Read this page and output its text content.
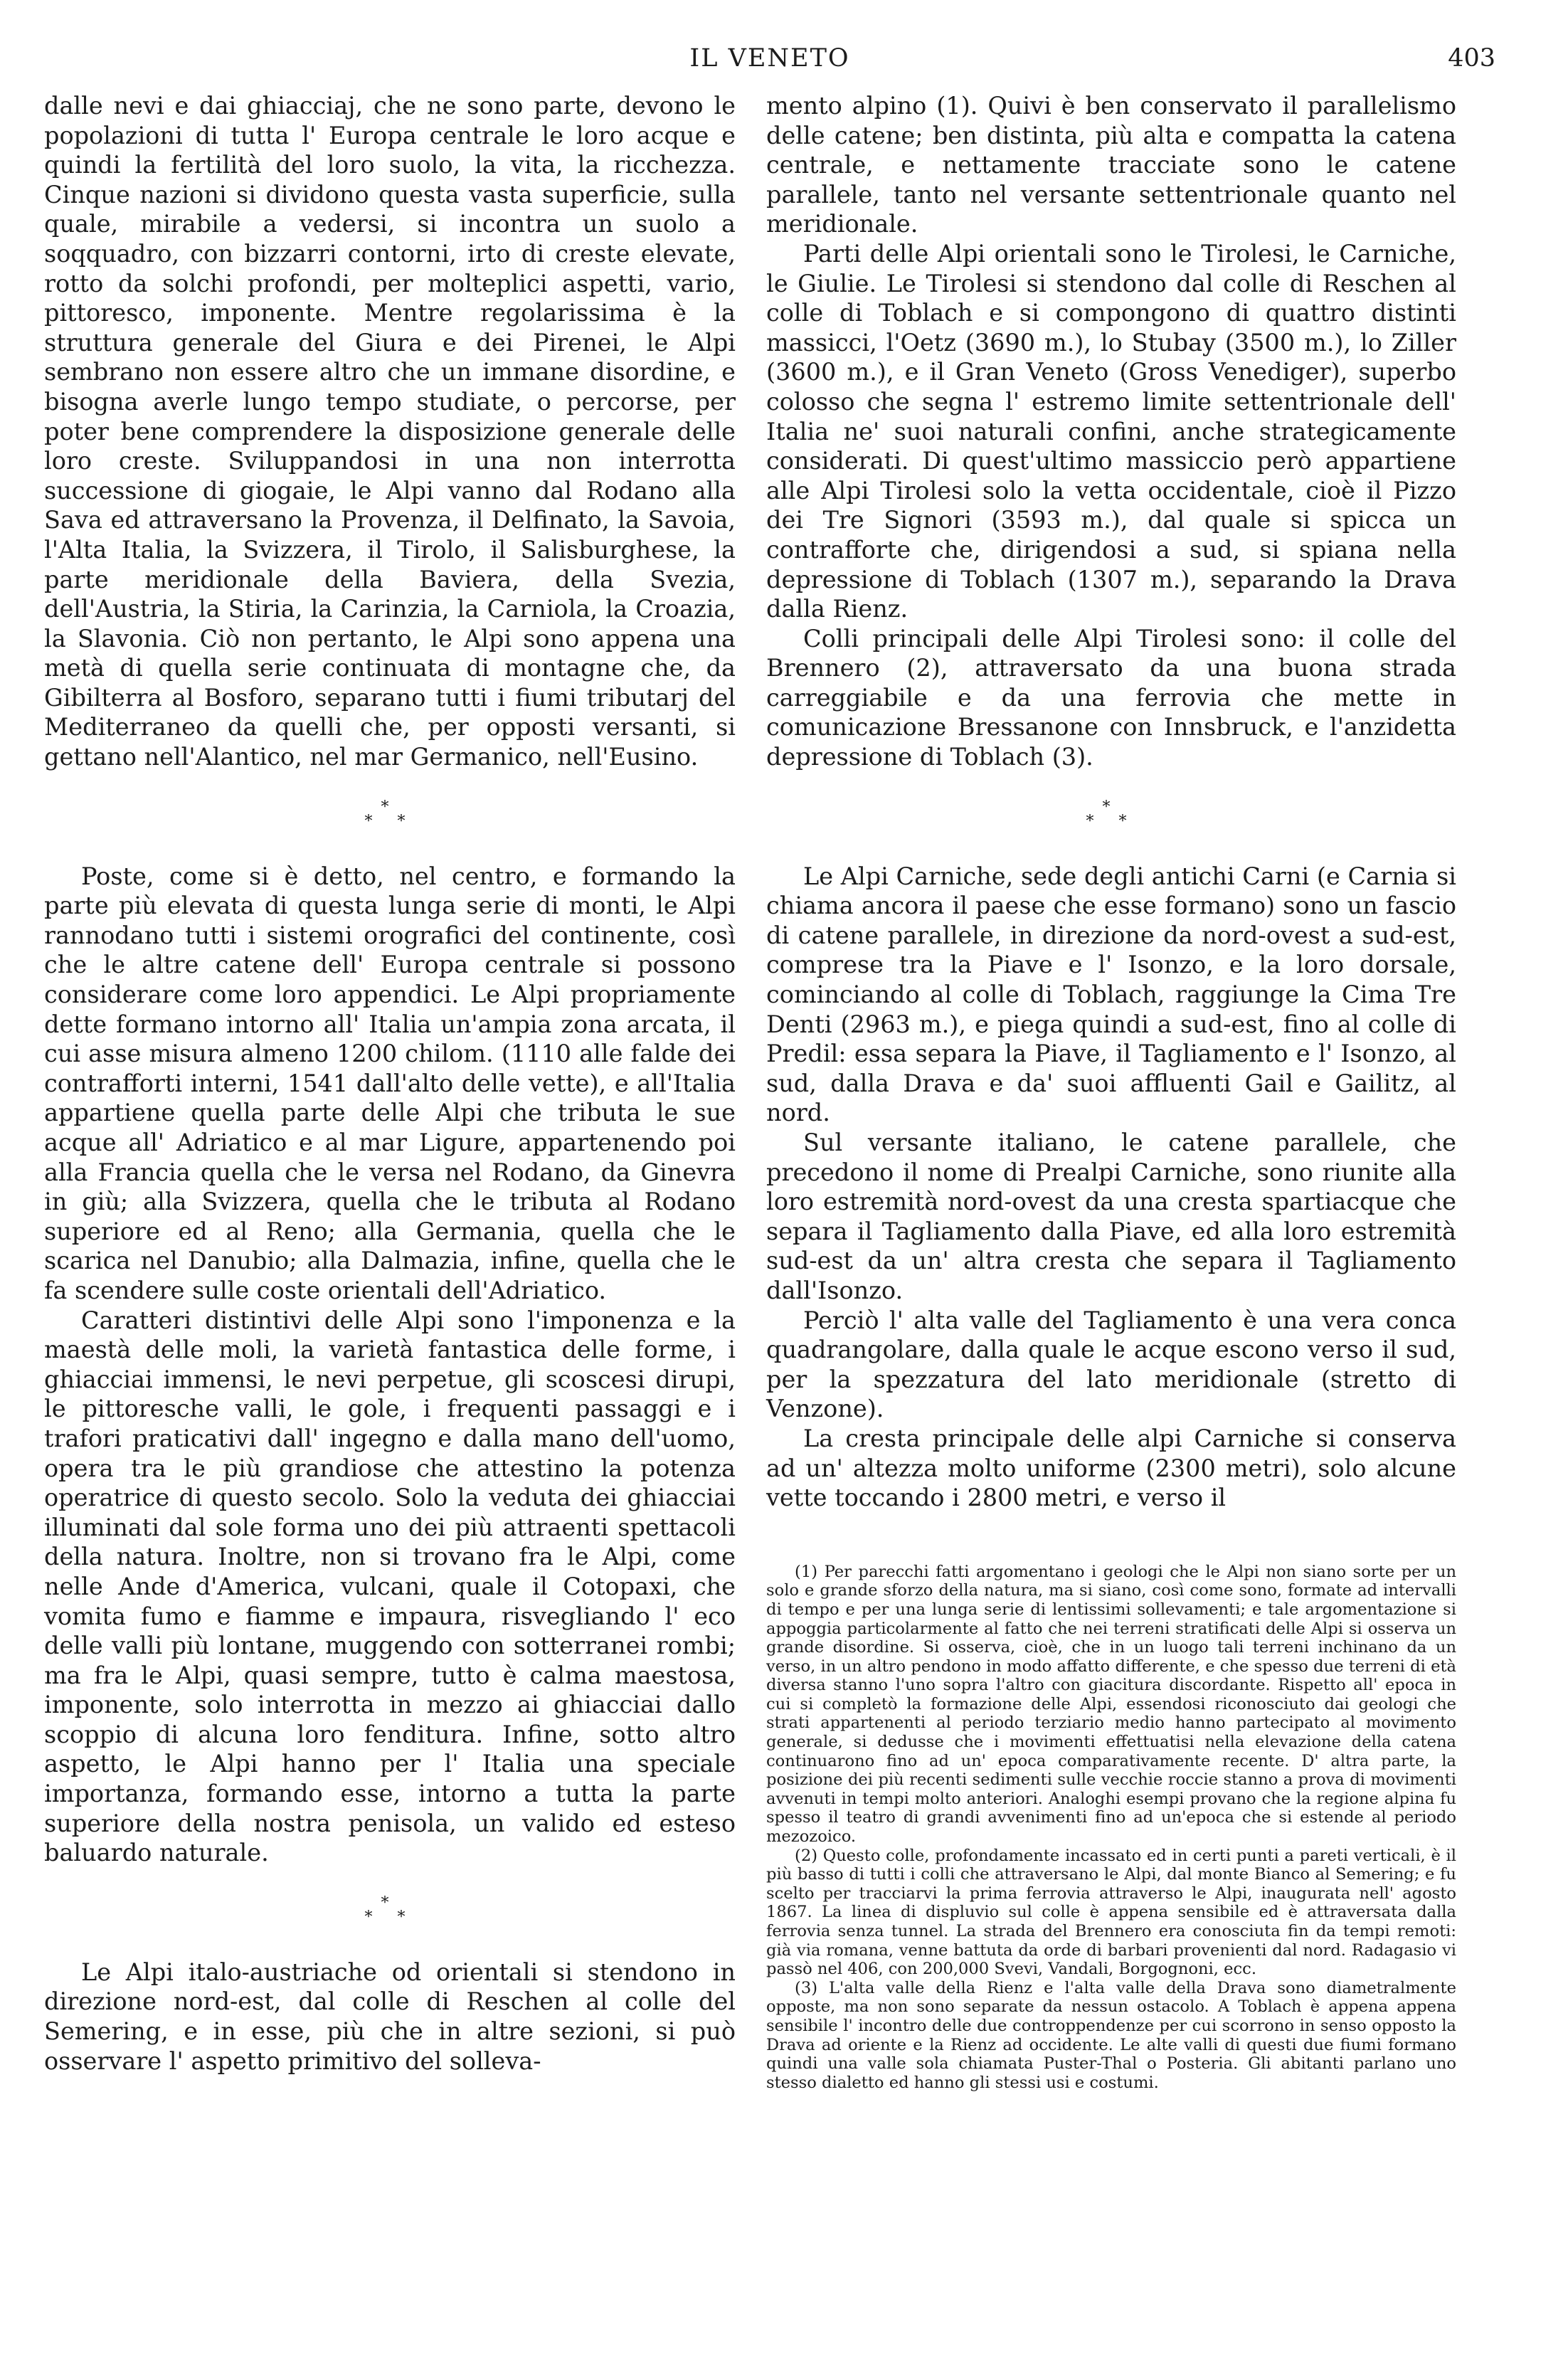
IL VENETO	403

dalle nevi e dai ghiacciaj, che ne sono parte, devono le popolazioni di tutta l' Europa centrale le loro acque e quindi la fertilità del loro suolo, la vita, la ricchezza. Cinque nazioni si dividono questa vasta superficie, sulla quale, mirabile a vedersi, si incontra un suolo a soqquadro, con bizzarri contorni, irto di creste elevate, rotto da solchi profondi, per molteplici aspetti, vario, pittoresco, imponente. Mentre regolarissima è la struttura generale del Giura e dei Pirenei, le Alpi sembrano non essere altro che un immane disordine, e bisogna averle lungo tempo studiate, o percorse, per poter bene comprendere la disposizione generale delle loro creste. Sviluppandosi in una non interrotta successione di giogaie, le Alpi vanno dal Rodano alla Sava ed attraversano la Provenza, il Delfinato, la Savoia, l'Alta Italia, la Svizzera, il Tirolo, il Salisburghese, la parte meridionale della Baviera, della Svezia, dell'Austria, la Stiria, la Carinzia, la Carniola, la Croazia, la Slavonia. Ciò non pertanto, le Alpi sono appena una metà di quella serie continuata di montagne che, da Gibilterra al Bosforo, separano tutti i fiumi tributarj del Mediterraneo da quelli che, per opposti versanti, si gettano nell'Alantico, nel mar Germanico, nell'Eusino.

*
* *

Poste, come si è detto, nel centro, e formando la parte più elevata di questa lunga serie di monti, le Alpi rannodano tutti i sistemi orografici del continente, così che le altre catene dell' Europa centrale si possono considerare come loro appendici. Le Alpi propriamente dette formano intorno all' Italia un'ampia zona arcata, il cui asse misura almeno 1200 chilom. (1110 alle falde dei contrafforti interni, 1541 dall'alto delle vette), e all'Italia appartiene quella parte delle Alpi che tributa le sue acque all' Adriatico e al mar Ligure, appartenendo poi alla Francia quella che le versa nel Rodano, da Ginevra in giù; alla Svizzera, quella che le tributa al Rodano superiore ed al Reno; alla Germania, quella che le scarica nel Danubio; alla Dalmazia, infine, quella che le fa scendere sulle coste orientali dell'Adriatico.

Caratteri distintivi delle Alpi sono l'imponenza e la maestà delle moli, la varietà fantastica delle forme, i ghiacciai immensi, le nevi perpetue, gli scoscesi dirupi, le pittoresche valli, le gole, i frequenti passaggi e i trafori praticativi dall' ingegno e dalla mano dell'uomo, opera tra le più grandiose che attestino la potenza operatrice di questo secolo. Solo la veduta dei ghiacciai illuminati dal sole forma uno dei più attraenti spettacoli della natura. Inoltre, non si trovano fra le Alpi, come nelle Ande d'America, vulcani, quale il Cotopaxi, che vomita fumo e fiamme e impaura, risvegliando l' eco delle valli più lontane, muggendo con sotterranei rombi; ma fra le Alpi, quasi sempre, tutto è calma maestosa, imponente, solo interrotta in mezzo ai ghiacciai dallo scoppio di alcuna loro fenditura. Infine, sotto altro aspetto, le Alpi hanno per l' Italia una speciale importanza, formando esse, intorno a tutta la parte superiore della nostra penisola, un valido ed esteso baluardo naturale.

*
* *

Le Alpi italo-austriache od orientali si stendono in direzione nord-est, dal colle di Reschen al colle del Semering, e in esse, più che in altre sezioni, si può osservare l' aspetto primitivo del solleva-

mento alpino (1). Quivi è ben conservato il parallelismo delle catene; ben distinta, più alta e compatta la catena centrale, e nettamente tracciate sono le catene parallele, tanto nel versante settentrionale quanto nel meridionale.

Parti delle Alpi orientali sono le Tirolesi, le Carniche, le Giulie. Le Tirolesi si stendono dal colle di Reschen al colle di Toblach e si compongono di quattro distinti massicci, l'Oetz (3690 m.), lo Stubay (3500 m.), lo Ziller (3600 m.), e il Gran Veneto (Gross Venediger), superbo colosso che segna l' estremo limite settentrionale dell' Italia ne' suoi naturali confini, anche strategicamente considerati. Di quest'ultimo massiccio però appartiene alle Alpi Tirolesi solo la vetta occidentale, cioè il Pizzo dei Tre Signori (3593 m.), dal quale si spicca un contrafforte che, dirigendosi a sud, si spiana nella depressione di Toblach (1307 m.), separando la Drava dalla Rienz.

Colli principali delle Alpi Tirolesi sono: il colle del Brennero (2), attraversato da una buona strada carreggiabile e da una ferrovia che mette in comunicazione Bressanone con Innsbruck, e l'anzidetta depressione di Toblach (3).

*
* *

Le Alpi Carniche, sede degli antichi Carni (e Carnia si chiama ancora il paese che esse formano) sono un fascio di catene parallele, in direzione da nord-ovest a sud-est, comprese tra la Piave e l' Isonzo, e la loro dorsale, cominciando al colle di Toblach, raggiunge la Cima Tre Denti (2963 m.), e piega quindi a sud-est, fino al colle di Predil: essa separa la Piave, il Tagliamento e l' Isonzo, al sud, dalla Drava e da' suoi affluenti Gail e Gailitz, al nord.

Sul versante italiano, le catene parallele, che precedono il nome di Prealpi Carniche, sono riunite alla loro estremità nord-ovest da una cresta spartiacque che separa il Tagliamento dalla Piave, ed alla loro estremità sud-est da un' altra cresta che separa il Tagliamento dall'Isonzo.

Perciò l' alta valle del Tagliamento è una vera conca quadrangolare, dalla quale le acque escono verso il sud, per la spezzatura del lato meridionale (stretto di Venzone).

La cresta principale delle alpi Carniche si conserva ad un' altezza molto uniforme (2300 metri), solo alcune vette toccando i 2800 metri, e verso il

(1) Per parecchi fatti argomentano i geologi che le Alpi non siano sorte per un solo e grande sforzo della natura, ma si siano, così come sono, formate ad intervalli di tempo e per una lunga serie di lentissimi sollevamenti; e tale argomentazione si appoggia particolarmente al fatto che nei terreni stratificati delle Alpi si osserva un grande disordine. Si osserva, cioè, che in un luogo tali terreni inchinano da un verso, in un altro pendono in modo affatto differente, e che spesso due terreni di età diversa stanno l'uno sopra l'altro con giacitura discordante. Rispetto all' epoca in cui si completò la formazione delle Alpi, essendosi riconosciuto dai geologi che strati appartenenti al periodo terziario medio hanno partecipato al movimento generale, si dedusse che i movimenti effettuatisi nella elevazione della catena continuarono fino ad un' epoca comparativamente recente. D' altra parte, la posizione dei più recenti sedimenti sulle vecchie roccie stanno a prova di movimenti avvenuti in tempi molto anteriori. Analoghi esempi provano che la regione alpina fu spesso il teatro di grandi avvenimenti fino ad un'epoca che si estende al periodo mezozoico.

(2) Questo colle, profondamente incassato ed in certi punti a pareti verticali, è il più basso di tutti i colli che attraversano le Alpi, dal monte Bianco al Semering; e fu scelto per tracciarvi la prima ferrovia attraverso le Alpi, inaugurata nell' agosto 1867. La linea di displuvio sul colle è appena sensibile ed è attraversata dalla ferrovia senza tunnel. La strada del Brennero era conosciuta fin da tempi remoti: già via romana, venne battuta da orde di barbari provenienti dal nord. Radagasio vi passò nel 406, con 200,000 Svevi, Vandali, Borgognoni, ecc.

(3) L'alta valle della Rienz e l'alta valle della Drava sono diametralmente opposte, ma non sono separate da nessun ostacolo. A Toblach è appena appena sensibile l' incontro delle due controppendenze per cui scorrono in senso opposto la Drava ad oriente e la Rienz ad occidente. Le alte valli di questi due fiumi formano quindi una valle sola chiamata Puster-Thal o Posteria. Gli abitanti parlano uno stesso dialetto ed hanno gli stessi usi e costumi.
